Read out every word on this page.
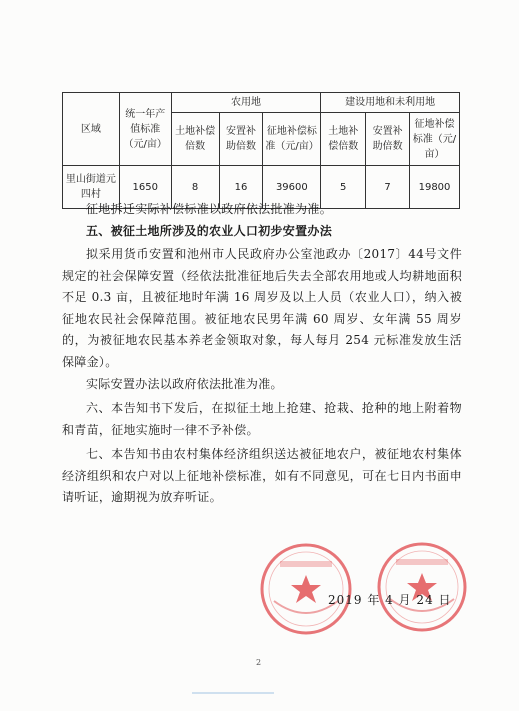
区域	统一年产值标准（元/亩）	农用地			建设用地和未利用地		
		土地补偿倍数	安置补助倍数	征地补偿标准（元/亩）	土地补偿倍数	安置补助倍数	征地补偿标准（元/亩）
里山街道元四村	1650	8	16	39600	5	7	19800

征地拆迁实际补偿标准以政府依法批准为准。

五、被征土地所涉及的农业人口初步安置办法

拟采用货币安置和池州市人民政府办公室池政办〔2017〕44号文件规定的社会保障安置（经依法批准征地后失去全部农用地或人均耕地面积不足 0.3 亩，且被征地时年满 16 周岁及以上人员（农业人口），纳入被征地农民社会保障范围。被征地农民男年满 60 周岁、女年满 55 周岁的，为被征地农民基本养老金领取对象，每人每月 254 元标准发放生活保障金）。

实际安置办法以政府依法批准为准。

六、本告知书下发后，在拟征土地上抢建、抢栽、抢种的地上附着物和青苗，征地实施时一律不予补偿。

七、本告知书由农村集体经济组织送达被征地农户，被征地农村集体经济组织和农户对以上征地补偿标准，如有不同意见，可在七日内书面申请听证，逾期视为放弃听证。

2019 年 4 月 24 日
2
